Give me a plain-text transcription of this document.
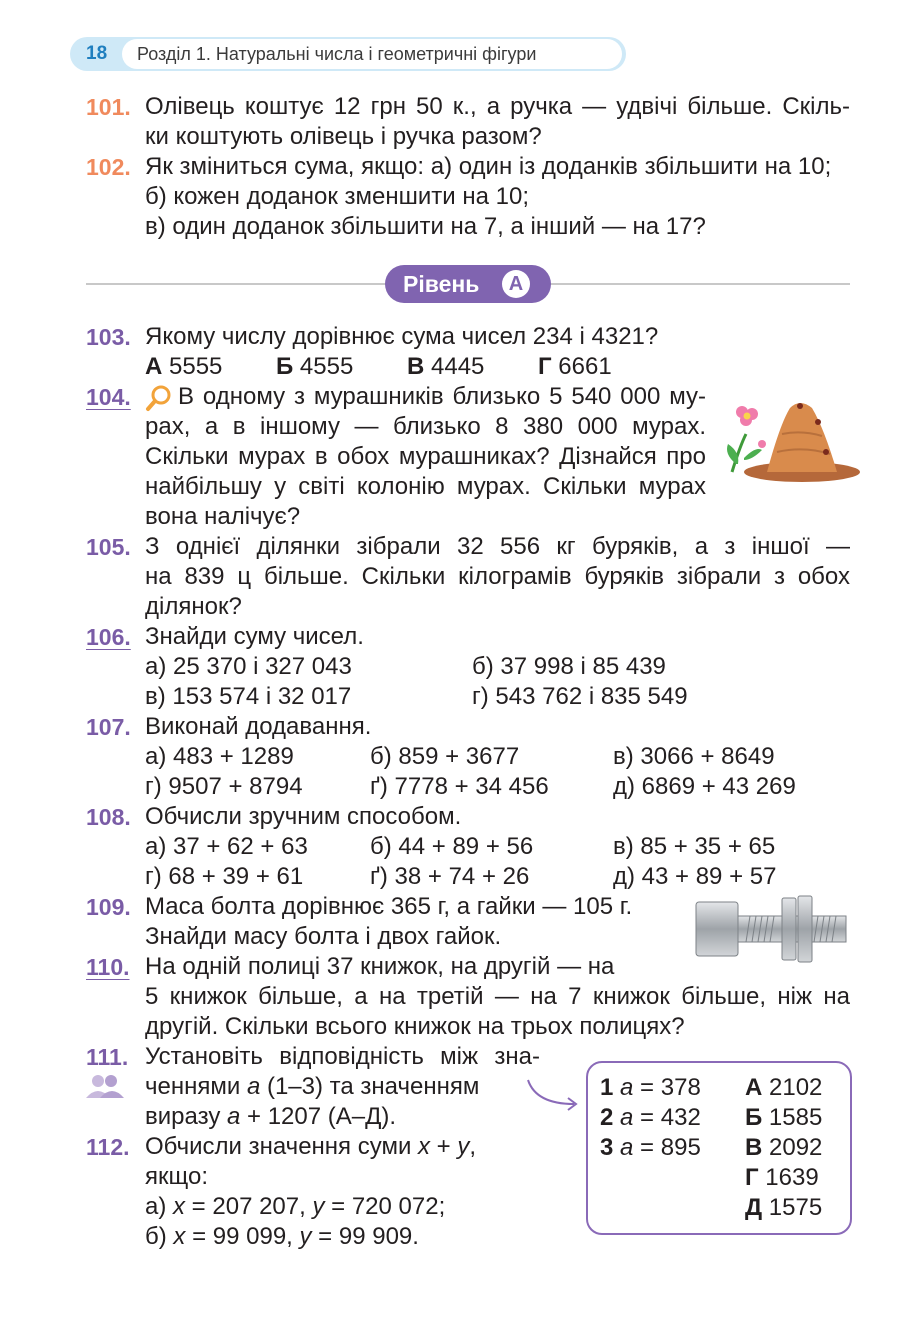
18 Розділ 1. Натуральні числа і геометричні фігури
101. Олівець коштує 12 грн 50 к., а ручка — удвічі більше. Скіль-
ки коштують олівець і ручка разом?
102. Як зміниться сума, якщо: а) один із доданків збільшити на 10;
б) кожен доданок зменшити на 10;
в) один доданок збільшити на 7, а інший — на 17?
Рівень	А
103. Якому числу дорівнює сума чисел 234 і 4321?
А 5555 Б 4555 В 4445 Г 6661
104. В одному з мурашників близько 5 540 000 му-
рах, а в іншому — близько 8 380 000 мурах.
Скільки мурах в обох мурашниках? Дізнайся про
найбільшу у світі колонію мурах. Скільки мурах
вона налічує?
105. З однієї ділянки зібрали 32 556 кг буряків, а з іншої —
на 839 ц більше. Скільки кілограмів буряків зібрали з обох
ділянок?
106. Знайди суму чисел.
а) 25 370 і 327 043	б) 37 998 і 85 439
в) 153 574 і 32 017	г) 543 762 і 835 549
107. Виконай додавання.
а) 483 + 1289	б) 859 + 3677	в) 3066 + 8649
г) 9507 + 8794	ґ) 7778 + 34 456	д) 6869 + 43 269
108. Обчисли зручним способом.
а) 37 + 62 + 63	б) 44 + 89 + 56	в) 85 + 35 + 65
г) 68 + 39 + 61	ґ) 38 + 74 + 26	д) 43 + 89 + 57
109. Маса болта дорівнює 365 г, а гайки — 105 г.
Знайди масу болта і двох гайок.
110. На одній полиці 37 книжок, на другій — на
5 книжок більше, а на третій — на 7 книжок більше, ніж на
другій. Скільки всього книжок на трьох полицях?
111. Установіть відповідність між зна-
ченнями a (1–3) та значенням
виразу a + 1207 (А–Д).
112. Обчисли значення суми x + y,
якщо:
а) x = 207 207, y = 720 072;
б) x = 99 099, y = 99 909.
1 a = 378
2 a = 432
3 a = 895
А 2102
Б 1585
В 2092
Г 1639
Д 1575
